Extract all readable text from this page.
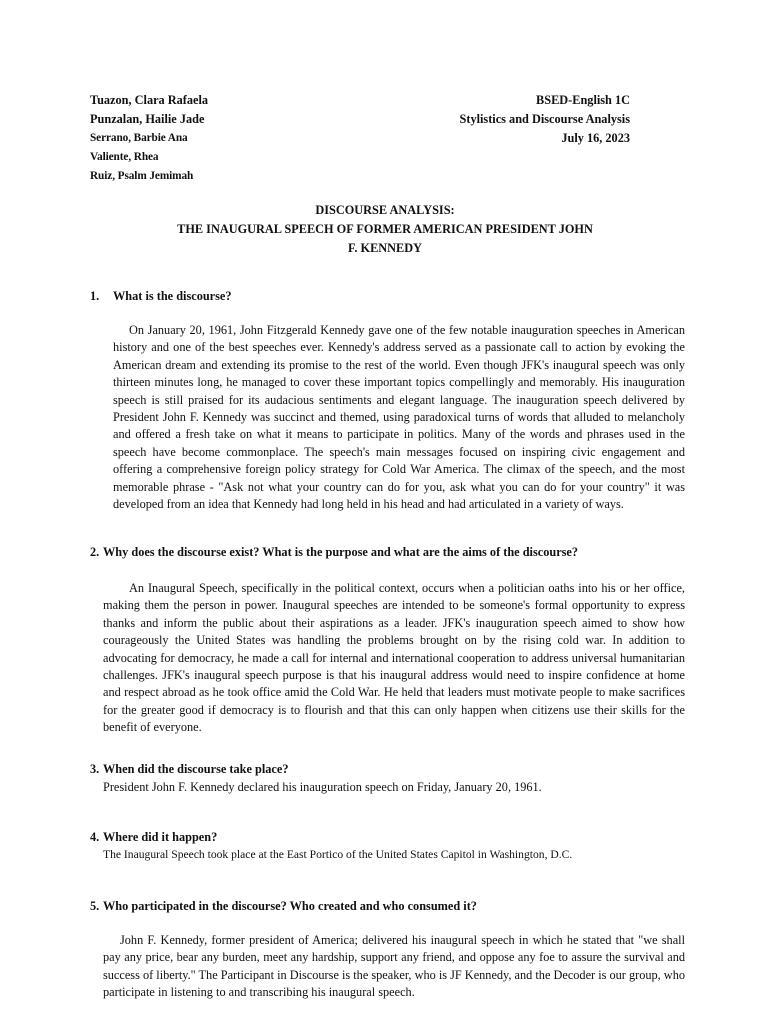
Tuazon, Clara Rafaela
Punzalan, Hailie Jade
Serrano, Barbie Ana
Valiente, Rhea
Ruiz, Psalm Jemimah
BSED-English 1C
Stylistics and Discourse Analysis
July 16, 2023
DISCOURSE ANALYSIS:
THE INAUGURAL SPEECH OF FORMER AMERICAN PRESIDENT JOHN
F. KENNEDY
1. What is the discourse?

On January 20, 1961, John Fitzgerald Kennedy gave one of the few notable inauguration speeches in American history and one of the best speeches ever. Kennedy's address served as a passionate call to action by evoking the American dream and extending its promise to the rest of the world. Even though JFK's inaugural speech was only thirteen minutes long, he managed to cover these important topics compellingly and memorably. His inauguration speech is still praised for its audacious sentiments and elegant language. The inauguration speech delivered by President John F. Kennedy was succinct and themed, using paradoxical turns of words that alluded to melancholy and offered a fresh take on what it means to participate in politics. Many of the words and phrases used in the speech have become commonplace. The speech's main messages focused on inspiring civic engagement and offering a comprehensive foreign policy strategy for Cold War America. The climax of the speech, and the most memorable phrase - "Ask not what your country can do for you, ask what you can do for your country" it was developed from an idea that Kennedy had long held in his head and had articulated in a variety of ways.

2. Why does the discourse exist? What is the purpose and what are the aims of the discourse?

An Inaugural Speech, specifically in the political context, occurs when a politician oaths into his or her office, making them the person in power. Inaugural speeches are intended to be someone's formal opportunity to express thanks and inform the public about their aspirations as a leader. JFK's inauguration speech aimed to show how courageously the United States was handling the problems brought on by the rising cold war. In addition to advocating for democracy, he made a call for internal and international cooperation to address universal humanitarian challenges. JFK's inaugural speech purpose is that his inaugural address would need to inspire confidence at home and respect abroad as he took office amid the Cold War. He held that leaders must motivate people to make sacrifices for the greater good if democracy is to flourish and that this can only happen when citizens use their skills for the benefit of everyone.

3. When did the discourse take place?

President John F. Kennedy declared his inauguration speech on Friday, January 20, 1961.

4. Where did it happen?

The Inaugural Speech took place at the East Portico of the United States Capitol in Washington, D.C.

5. Who participated in the discourse? Who created and who consumed it?

John F. Kennedy, former president of America; delivered his inaugural speech in which he stated that "we shall pay any price, bear any burden, meet any hardship, support any friend, and oppose any foe to assure the survival and success of liberty." The Participant in Discourse is the speaker, who is JF Kennedy, and the Decoder is our group, who participate in listening to and transcribing his inaugural speech.
